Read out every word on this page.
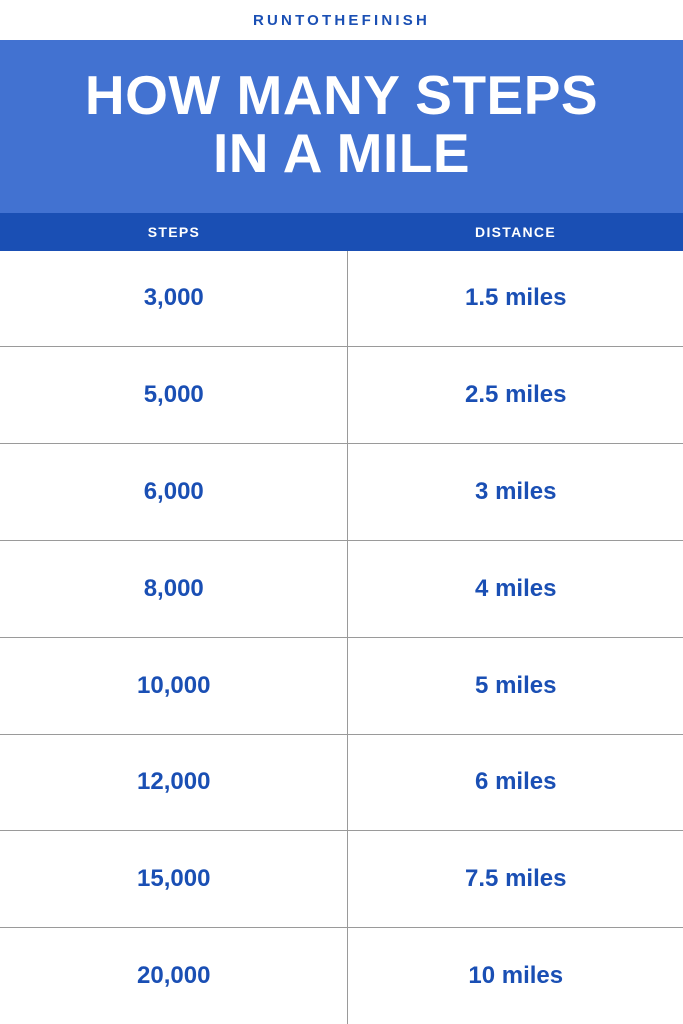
RUNTOTHEFINISH
HOW MANY STEPS
IN A MILE
STEPS	DISTANCE
3,000	1.5 miles
5,000	2.5 miles
6,000	3 miles
8,000	4 miles
10,000	5 miles
12,000	6 miles
15,000	7.5 miles
20,000	10 miles
